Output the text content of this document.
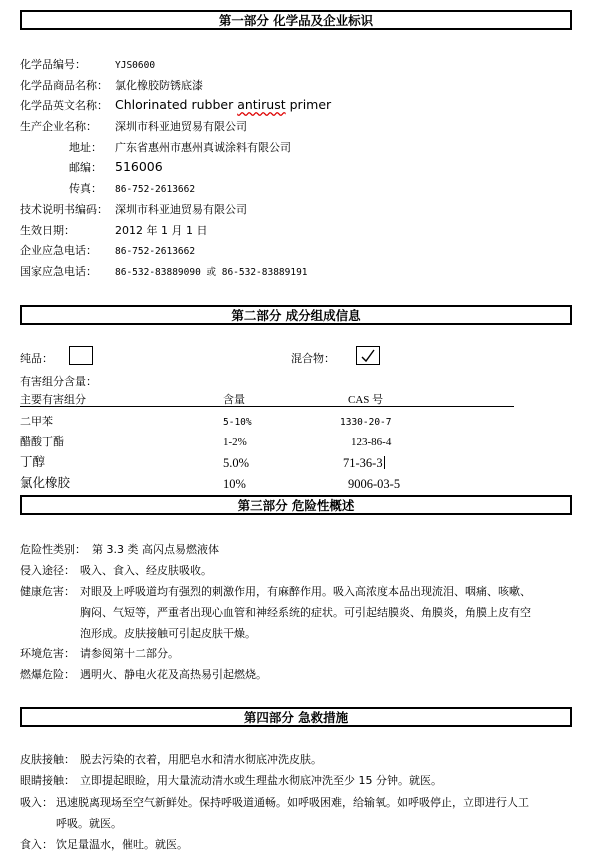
第一部分 化学品及企业标识
化学品编号：	YJS0600
化学品商品名称： 氯化橡胶防锈底漆
化学品英文名称： Chlorinated rubber antirust primer
生产企业名称： 深圳市科亚迪贸易有限公司
地址： 广东省惠州市惠州真诚涂料有限公司
邮编： 516006
传真： 86-752-2613662
技术说明书编码： 深圳市科亚迪贸易有限公司
生效日期：	2012 年 1 月 1 日
企业应急电话： 86-752-2613662
国家应急电话： 86-532-83889090 或 86-532-83889191
第二部分 成分组成信息
纯品：	混合物：
有害组分含量：
主要有害组分	含量	CAS 号
二甲苯	5-10%	1330-20-7
醋酸丁酯	1-2%	123-86-4
丁醇	5.0%	71-36-3
氯化橡胶	10%	9006-03-5
第三部分 危险性概述
危险性类别： 第 3.3 类 高闪点易燃液体
侵入途径： 吸入、食入、经皮肤吸收。
健康危害： 对眼及上呼吸道均有强烈的刺激作用，有麻醉作用。吸入高浓度本品出现流泪、咽痛、咳嗽、
胸闷、气短等，严重者出现心血管和神经系统的症状。可引起结膜炎、角膜炎，角膜上皮有空
泡形成。皮肤接触可引起皮肤干燥。
环境危害： 请参阅第十二部分。
燃爆危险： 遇明火、静电火花及高热易引起燃烧。
第四部分 急救措施
皮肤接触： 脱去污染的衣着，用肥皂水和清水彻底冲洗皮肤。
眼睛接触： 立即提起眼睑，用大量流动清水或生理盐水彻底冲洗至少 15 分钟。就医。
吸入： 迅速脱离现场至空气新鲜处。保持呼吸道通畅。如呼吸困难，给输氧。如呼吸停止，立即进行人工
呼吸。就医。
食入： 饮足量温水，催吐。就医。
